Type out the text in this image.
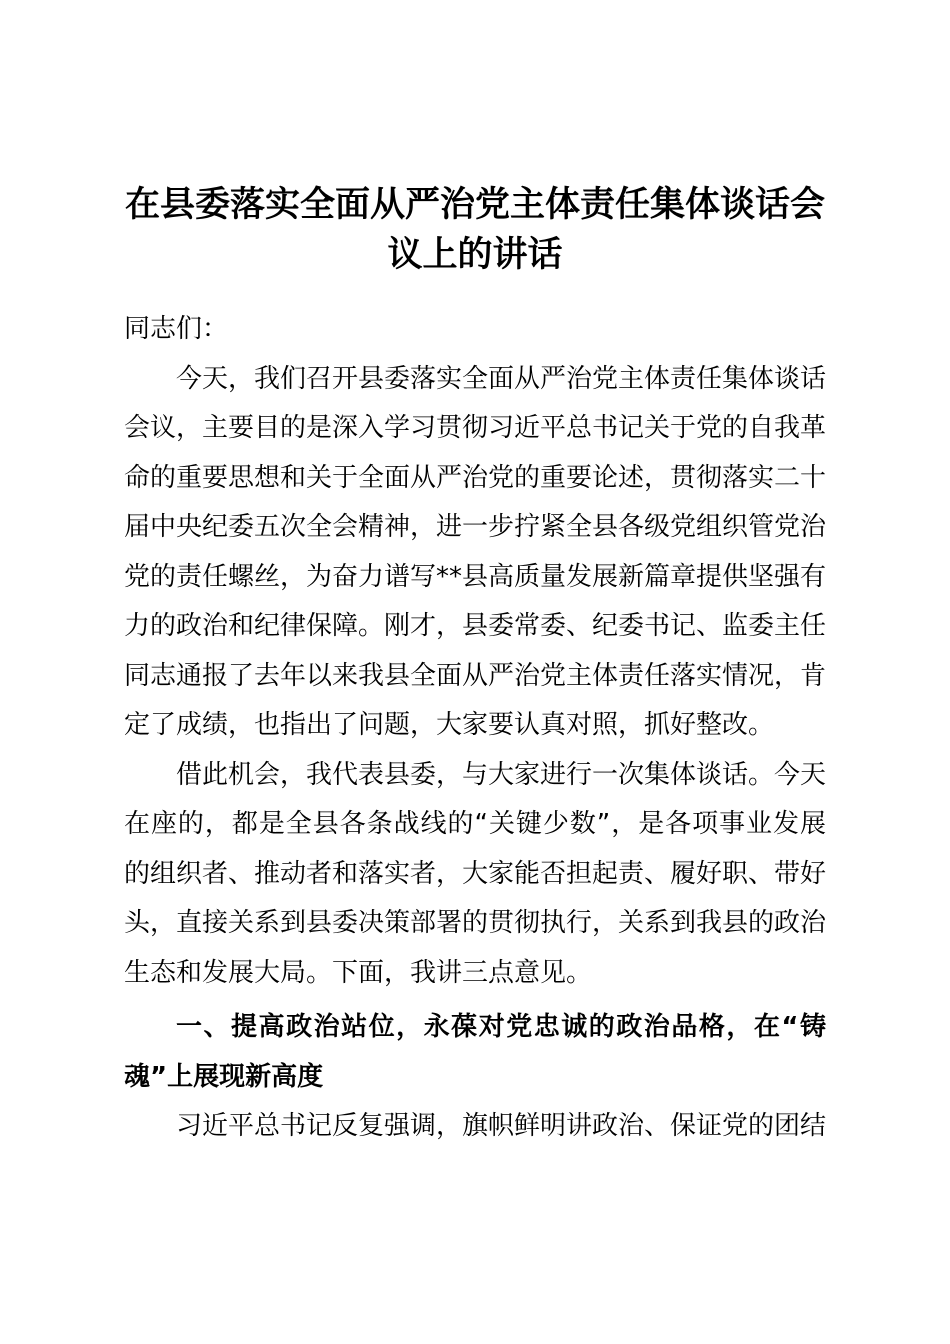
在县委落实全面从严治党主体责任集体谈话会议上的讲话

同志们：

今天，我们召开县委落实全面从严治党主体责任集体谈话会议，主要目的是深入学习贯彻习近平总书记关于党的自我革命的重要思想和关于全面从严治党的重要论述，贯彻落实二十届中央纪委五次全会精神，进一步拧紧全县各级党组织管党治党的责任螺丝，为奋力谱写**县高质量发展新篇章提供坚强有力的政治和纪律保障。刚才，县委常委、纪委书记、监委主任同志通报了去年以来我县全面从严治党主体责任落实情况，肯定了成绩，也指出了问题，大家要认真对照，抓好整改。

借此机会，我代表县委，与大家进行一次集体谈话。今天在座的，都是全县各条战线的“关键少数”，是各项事业发展的组织者、推动者和落实者，大家能否担起责、履好职、带好头，直接关系到县委决策部署的贯彻执行，关系到我县的政治生态和发展大局。下面，我讲三点意见。

一、提高政治站位，永葆对党忠诚的政治品格，在“铸魂”上展现新高度

习近平总书记反复强调，旗帜鲜明讲政治、保证党的团结
